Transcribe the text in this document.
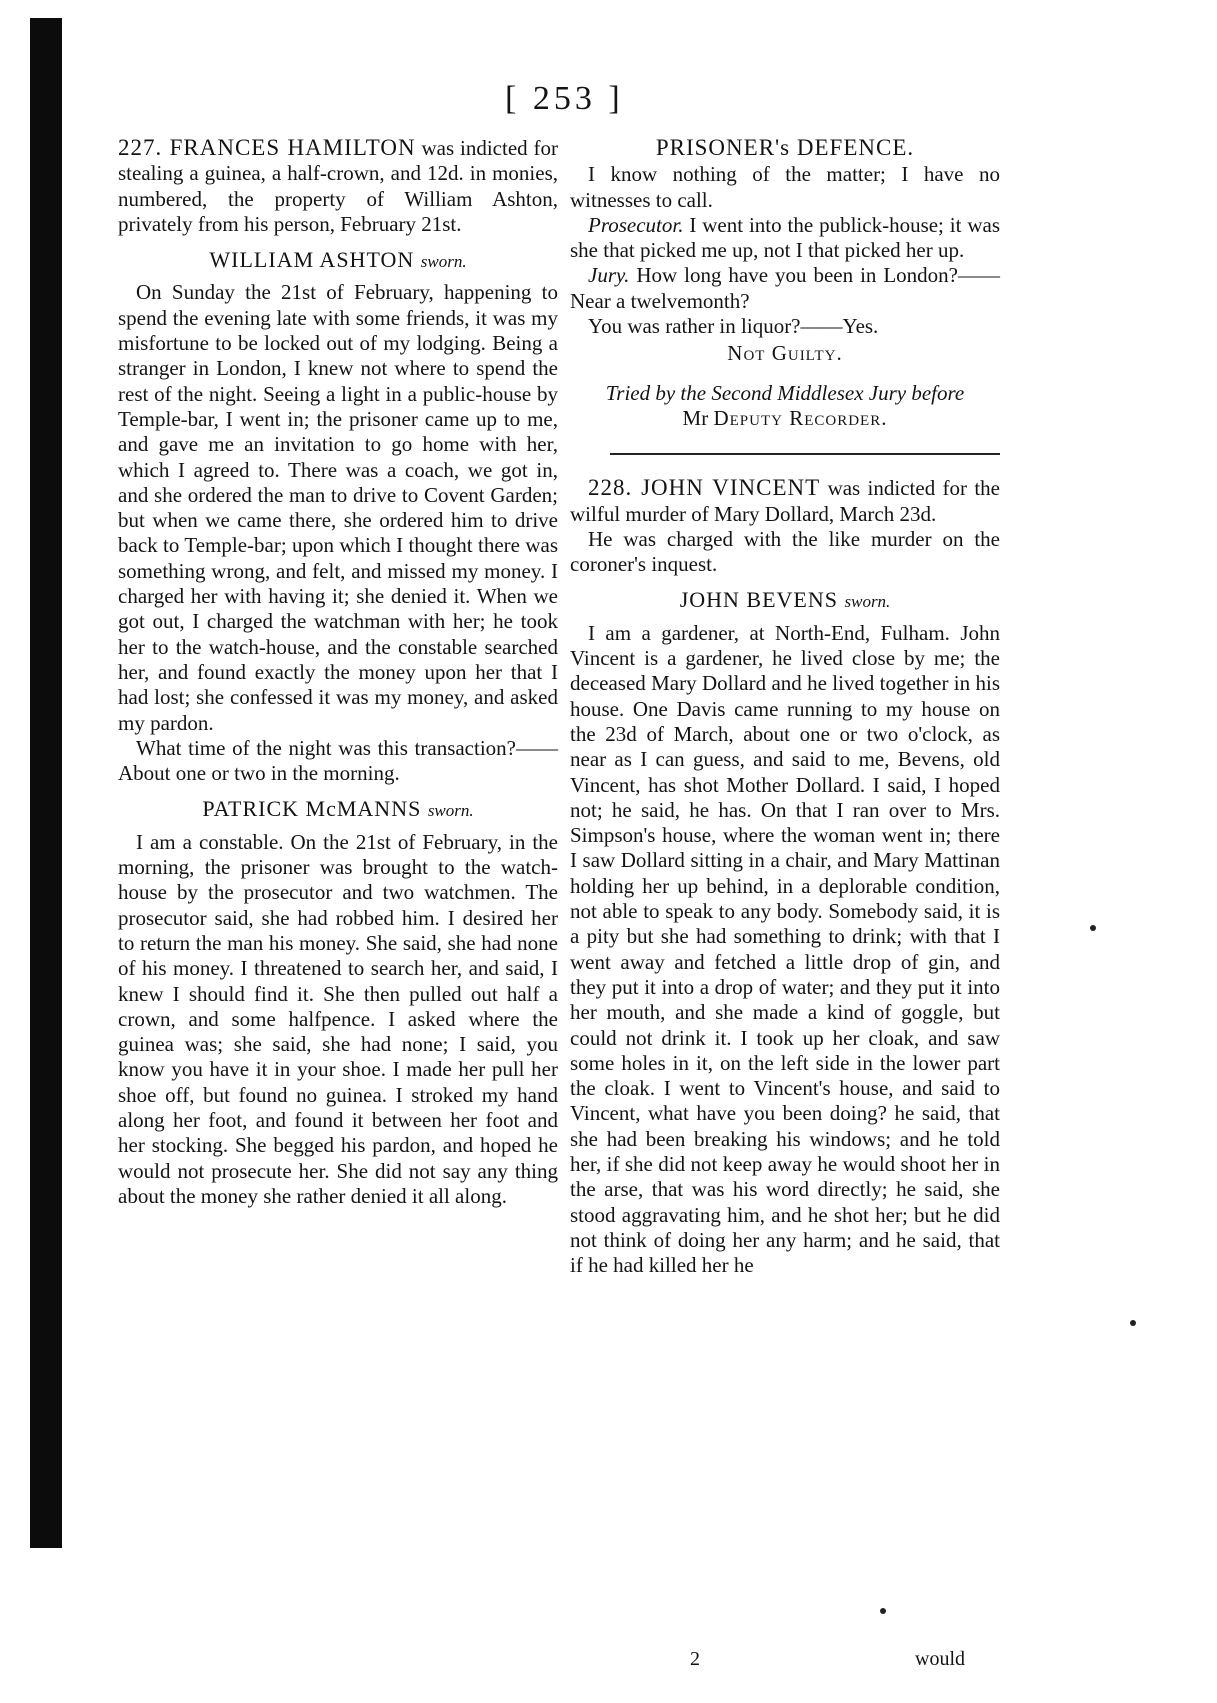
[ 253 ]

227. FRANCES HAMILTON was indicted for stealing a guinea, a half-crown, and 12d. in monies, numbered, the property of William Ashton, privately from his person, February 21st.

WILLIAM ASHTON sworn.

On Sunday the 21st of February, happening to spend the evening late with some friends, it was my misfortune to be locked out of my lodging. Being a stranger in London, I knew not where to spend the rest of the night. Seeing a light in a public-house by Temple-bar, I went in; the prisoner came up to me, and gave me an invitation to go home with her, which I agreed to. There was a coach, we got in, and she ordered the man to drive to Covent Garden; but when we came there, she ordered him to drive back to Temple-bar; upon which I thought there was something wrong, and felt, and missed my money. I charged her with having it; she denied it. When we got out, I charged the watchman with her; he took her to the watch-house, and the constable searched her, and found exactly the money upon her that I had lost; she confessed it was my money, and asked my pardon.

What time of the night was this transaction?——About one or two in the morning.

PATRICK McMANNS sworn.

I am a constable. On the 21st of February, in the morning, the prisoner was brought to the watch-house by the prosecutor and two watchmen. The prosecutor said, she had robbed him. I desired her to return the man his money. She said, she had none of his money. I threatened to search her, and said, I knew I should find it. She then pulled out half a crown, and some halfpence. I asked where the guinea was; she said, she had none; I said, you know you have it in your shoe. I made her pull her shoe off, but found no guinea. I stroked my hand along her foot, and found it between her foot and her stocking. She begged his pardon, and hoped he would not prosecute her. She did not say any thing about the money she rather denied it all along.

PRISONER's DEFENCE.

I know nothing of the matter; I have no witnesses to call.

Prosecutor. I went into the publick-house; it was she that picked me up, not I that picked her up.

Jury. How long have you been in London?——Near a twelvemonth?

You was rather in liquor?——Yes.

Not Guilty.
Tried by the Second Middlesex Jury before
Mr Deputy Recorder.

228. JOHN VINCENT was indicted for the wilful murder of Mary Dollard, March 23d.

He was charged with the like murder on the coroner's inquest.

JOHN BEVENS sworn.

I am a gardener, at North-End, Fulham. John Vincent is a gardener, he lived close by me; the deceased Mary Dollard and he lived together in his house. One Davis came running to my house on the 23d of March, about one or two o'clock, as near as I can guess, and said to me, Bevens, old Vincent, has shot Mother Dollard. I said, I hoped not; he said, he has. On that I ran over to Mrs. Simpson's house, where the woman went in; there I saw Dollard sitting in a chair, and Mary Mattinan holding her up behind, in a deplorable condition, not able to speak to any body. Somebody said, it is a pity but she had something to drink; with that I went away and fetched a little drop of gin, and they put it into a drop of water; and they put it into her mouth, and she made a kind of goggle, but could not drink it. I took up her cloak, and saw some holes in it, on the left side in the lower part the cloak. I went to Vincent's house, and said to Vincent, what have you been doing? he said, that she had been breaking his windows; and he told her, if she did not keep away he would shoot her in the arse, that was his word directly; he said, she stood aggravating him, and he shot her; but he did not think of doing her any harm; and he said, that if he had killed her he

2	would
